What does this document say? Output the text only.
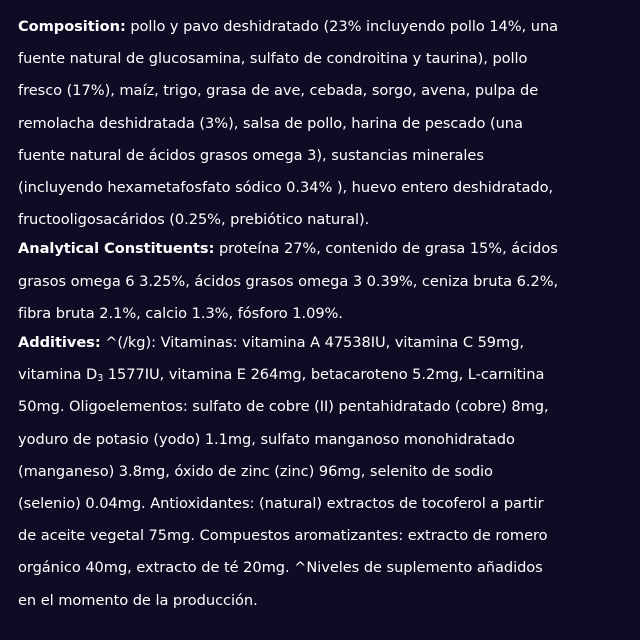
Composition: pollo y pavo deshidratado (23% incluyendo pollo 14%, una
fuente natural de glucosamina, sulfato de condroitina y taurina), pollo
fresco (17%), maíz, trigo, grasa de ave, cebada, sorgo, avena, pulpa de
remolacha deshidratada (3%), salsa de pollo, harina de pescado (una
fuente natural de ácidos grasos omega 3), sustancias minerales
(incluyendo hexametafosfato sódico 0.34% ), huevo entero deshidratado,
fructooligosacáridos (0.25%, prebiótico natural).
Analytical Constituents: proteína 27%, contenido de grasa 15%, ácidos
grasos omega 6 3.25%, ácidos grasos omega 3 0.39%, ceniza bruta 6.2%,
fibra bruta 2.1%, calcio 1.3%, fósforo 1.09%.
Additives: ^(/kg): Vitaminas: vitamina A 47538IU, vitamina C 59mg,
vitamina $D_3$ 1577IU, vitamina E 264mg, betacaroteno 5.2mg, L-carnitina
50mg. Oligoelementos: sulfato de cobre (II) pentahidratado (cobre) 8mg,
yoduro de potasio (yodo) 1.1mg, sulfato manganoso monohidratado
(manganeso) 3.8mg, óxido de zinc (zinc) 96mg, selenito de sodio
(selenio) 0.04mg. Antioxidantes: (natural) extractos de tocoferol a partir
de aceite vegetal 75mg. Compuestos aromatizantes: extracto de romero
orgánico 40mg, extracto de té 20mg. ^Niveles de suplemento añadidos
en el momento de la producción.
